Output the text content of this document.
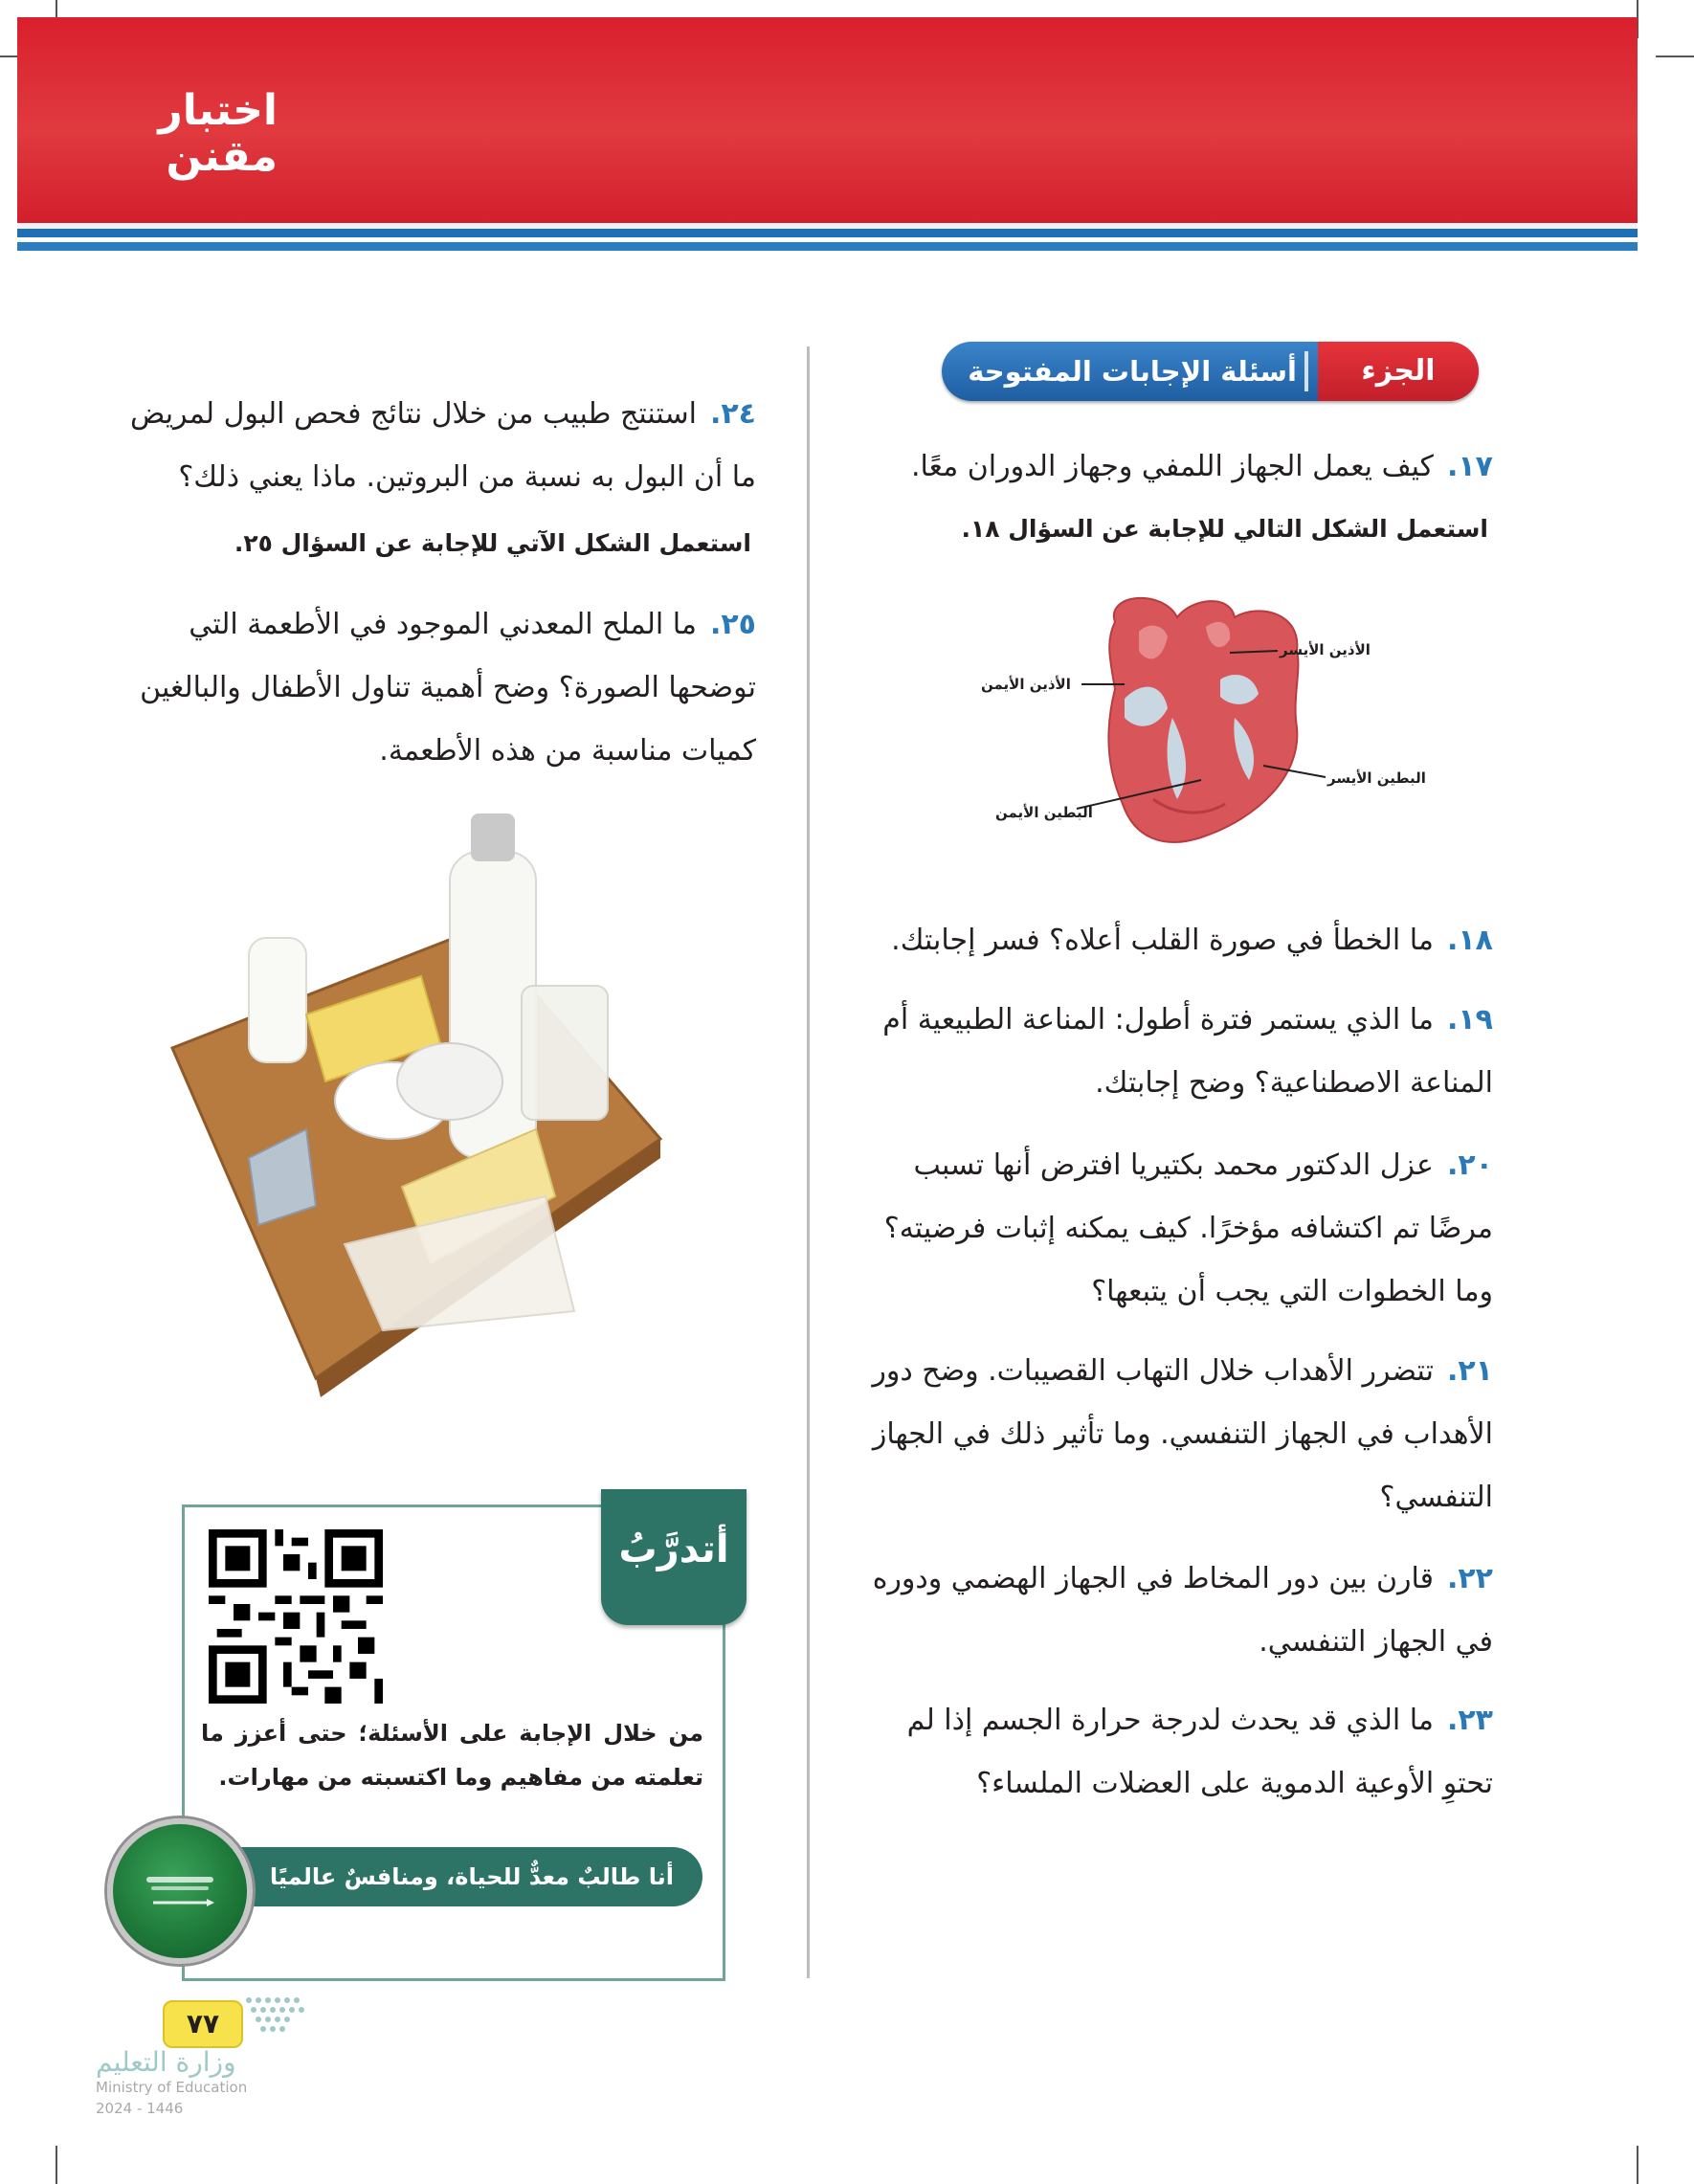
اختبار
مقنن
الجزء الثالث
أسئلة الإجابات المفتوحة
١٧.كيف يعمل الجهاز اللمفي وجهاز الدوران معًا.
استعمل الشكل التالي للإجابة عن السؤال ١٨.
الأذين الأيسر
الأذين الأيمن
البطين الأيسر
البطين الأيمن
١٨.ما الخطأ في صورة القلب أعلاه؟ فسر إجابتك.
١٩.ما الذي يستمر فترة أطول: المناعة الطبيعية أم المناعة الاصطناعية؟ وضح إجابتك.
٢٠.عزل الدكتور محمد بكتيريا افترض أنها تسبب مرضًا تم اكتشافه مؤخرًا. كيف يمكنه إثبات فرضيته؟ وما الخطوات التي يجب أن يتبعها؟
٢١.تتضرر الأهداب خلال التهاب القصيبات. وضح دور الأهداب في الجهاز التنفسي. وما تأثير ذلك في الجهاز التنفسي؟
٢٢.قارن بين دور المخاط في الجهاز الهضمي ودوره في الجهاز التنفسي.
٢٣.ما الذي قد يحدث لدرجة حرارة الجسم إذا لم تحتوِ الأوعية الدموية على العضلات الملساء؟
٢٤.استنتج طبيب من خلال نتائج فحص البول لمريض ما أن البول به نسبة من البروتين. ماذا يعني ذلك؟
استعمل الشكل الآتي للإجابة عن السؤال ٢٥.
٢٥.ما الملح المعدني الموجود في الأطعمة التي توضحها الصورة؟ وضح أهمية تناول الأطفال والبالغين كميات مناسبة من هذه الأطعمة.
أتدرَّبُ
من خلال الإجابة على الأسئلة؛ حتى أعزز ما تعلمته من مفاهيم وما اكتسبته من مهارات.
أنا طالبٌ معدٌّ للحياة، ومنافسٌ عالميًا
٧٧
وزارة التعليم
Ministry of Education
2024 - 1446
